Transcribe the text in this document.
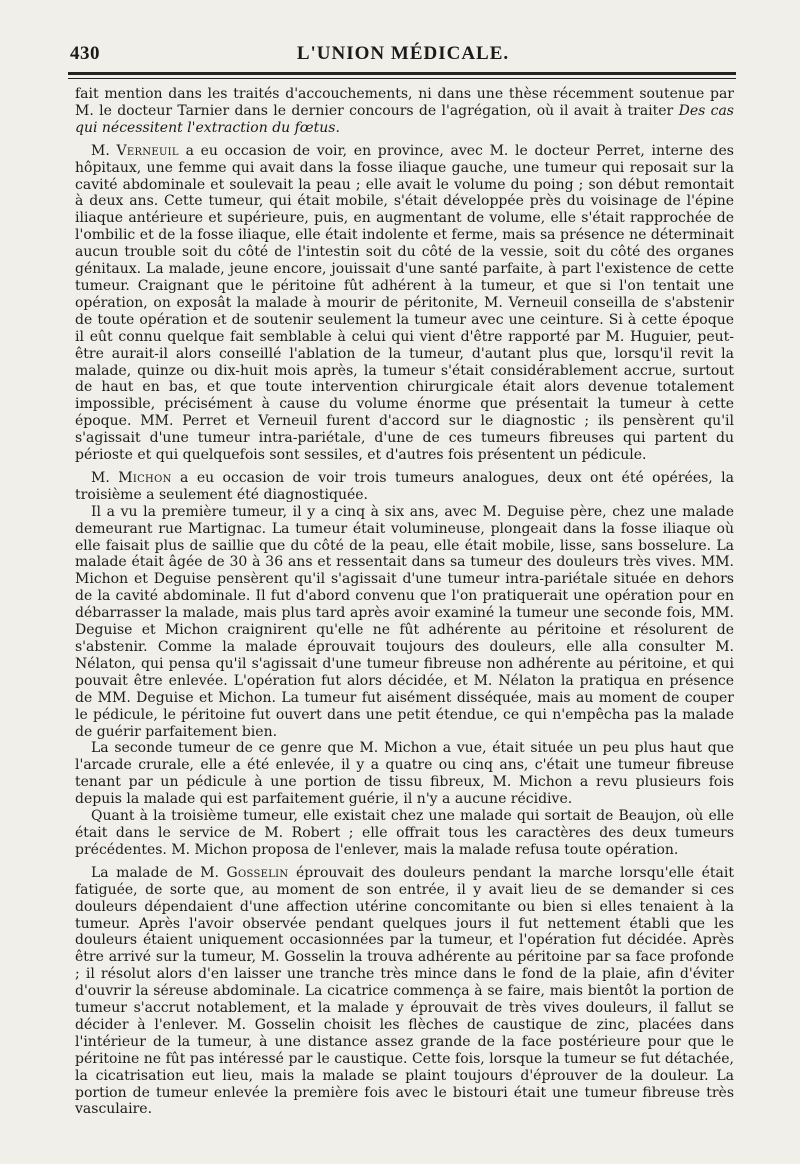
430	L'UNION MÉDICALE.

fait mention dans les traités d'accouchements, ni dans une thèse récemment soutenue par M. le docteur Tarnier dans le dernier concours de l'agrégation, où il avait à traiter Des cas qui nécessitent l'extraction du fœtus.

M. Verneuil a eu occasion de voir, en province, avec M. le docteur Perret, interne des hôpitaux, une femme qui avait dans la fosse iliaque gauche, une tumeur qui reposait sur la cavité abdominale et soulevait la peau ; elle avait le volume du poing ; son début remontait à deux ans. Cette tumeur, qui était mobile, s'était développée près du voisinage de l'épine iliaque antérieure et supérieure, puis, en augmentant de volume, elle s'était rapprochée de l'ombilic et de la fosse iliaque, elle était indolente et ferme, mais sa présence ne déterminait aucun trouble soit du côté de l'intestin soit du côté de la vessie, soit du côté des organes génitaux. La malade, jeune encore, jouissait d'une santé parfaite, à part l'existence de cette tumeur. Craignant que le péritoine fût adhérent à la tumeur, et que si l'on tentait une opération, on exposât la malade à mourir de péritonite, M. Verneuil conseilla de s'abstenir de toute opération et de soutenir seulement la tumeur avec une ceinture. Si à cette époque il eût connu quelque fait semblable à celui qui vient d'être rapporté par M. Huguier, peut-être aurait-il alors conseillé l'ablation de la tumeur, d'autant plus que, lorsqu'il revit la malade, quinze ou dix-huit mois après, la tumeur s'était considérablement accrue, surtout de haut en bas, et que toute intervention chirurgicale était alors devenue totalement impossible, précisément à cause du volume énorme que présentait la tumeur à cette époque. MM. Perret et Verneuil furent d'accord sur le diagnostic ; ils pensèrent qu'il s'agissait d'une tumeur intra-pariétale, d'une de ces tumeurs fibreuses qui partent du périoste et qui quelquefois sont sessiles, et d'autres fois présentent un pédicule.

M. Michon a eu occasion de voir trois tumeurs analogues, deux ont été opérées, la troisième a seulement été diagnostiquée.

Il a vu la première tumeur, il y a cinq à six ans, avec M. Deguise père, chez une malade demeurant rue Martignac. La tumeur était volumineuse, plongeait dans la fosse iliaque où elle faisait plus de saillie que du côté de la peau, elle était mobile, lisse, sans bosselure. La malade était âgée de 30 à 36 ans et ressentait dans sa tumeur des douleurs très vives. MM. Michon et Deguise pensèrent qu'il s'agissait d'une tumeur intra-pariétale située en dehors de la cavité abdominale. Il fut d'abord convenu que l'on pratiquerait une opération pour en débarrasser la malade, mais plus tard après avoir examiné la tumeur une seconde fois, MM. Deguise et Michon craignirent qu'elle ne fût adhérente au péritoine et résolurent de s'abstenir. Comme la malade éprouvait toujours des douleurs, elle alla consulter M. Nélaton, qui pensa qu'il s'agissait d'une tumeur fibreuse non adhérente au péritoine, et qui pouvait être enlevée. L'opération fut alors décidée, et M. Nélaton la pratiqua en présence de MM. Deguise et Michon. La tumeur fut aisément disséquée, mais au moment de couper le pédicule, le péritoine fut ouvert dans une petit étendue, ce qui n'empêcha pas la malade de guérir parfaitement bien.

La seconde tumeur de ce genre que M. Michon a vue, était située un peu plus haut que l'arcade crurale, elle a été enlevée, il y a quatre ou cinq ans, c'était une tumeur fibreuse tenant par un pédicule à une portion de tissu fibreux, M. Michon a revu plusieurs fois depuis la malade qui est parfaitement guérie, il n'y a aucune récidive.

Quant à la troisième tumeur, elle existait chez une malade qui sortait de Beaujon, où elle était dans le service de M. Robert ; elle offrait tous les caractères des deux tumeurs précédentes. M. Michon proposa de l'enlever, mais la malade refusa toute opération.

La malade de M. Gosselin éprouvait des douleurs pendant la marche lorsqu'elle était fatiguée, de sorte que, au moment de son entrée, il y avait lieu de se demander si ces douleurs dépendaient d'une affection utérine concomitante ou bien si elles tenaient à la tumeur. Après l'avoir observée pendant quelques jours il fut nettement établi que les douleurs étaient uniquement occasionnées par la tumeur, et l'opération fut décidée. Après être arrivé sur la tumeur, M. Gosselin la trouva adhérente au péritoine par sa face profonde ; il résolut alors d'en laisser une tranche très mince dans le fond de la plaie, afin d'éviter d'ouvrir la séreuse abdominale. La cicatrice commença à se faire, mais bientôt la portion de tumeur s'accrut notablement, et la malade y éprouvait de très vives douleurs, il fallut se décider à l'enlever. M. Gosselin choisit les flèches de caustique de zinc, placées dans l'intérieur de la tumeur, à une distance assez grande de la face postérieure pour que le péritoine ne fût pas intéressé par le caustique. Cette fois, lorsque la tumeur se fut détachée, la cicatrisation eut lieu, mais la malade se plaint toujours d'éprouver de la douleur. La portion de tumeur enlevée la première fois avec le bistouri était une tumeur fibreuse très vasculaire.
